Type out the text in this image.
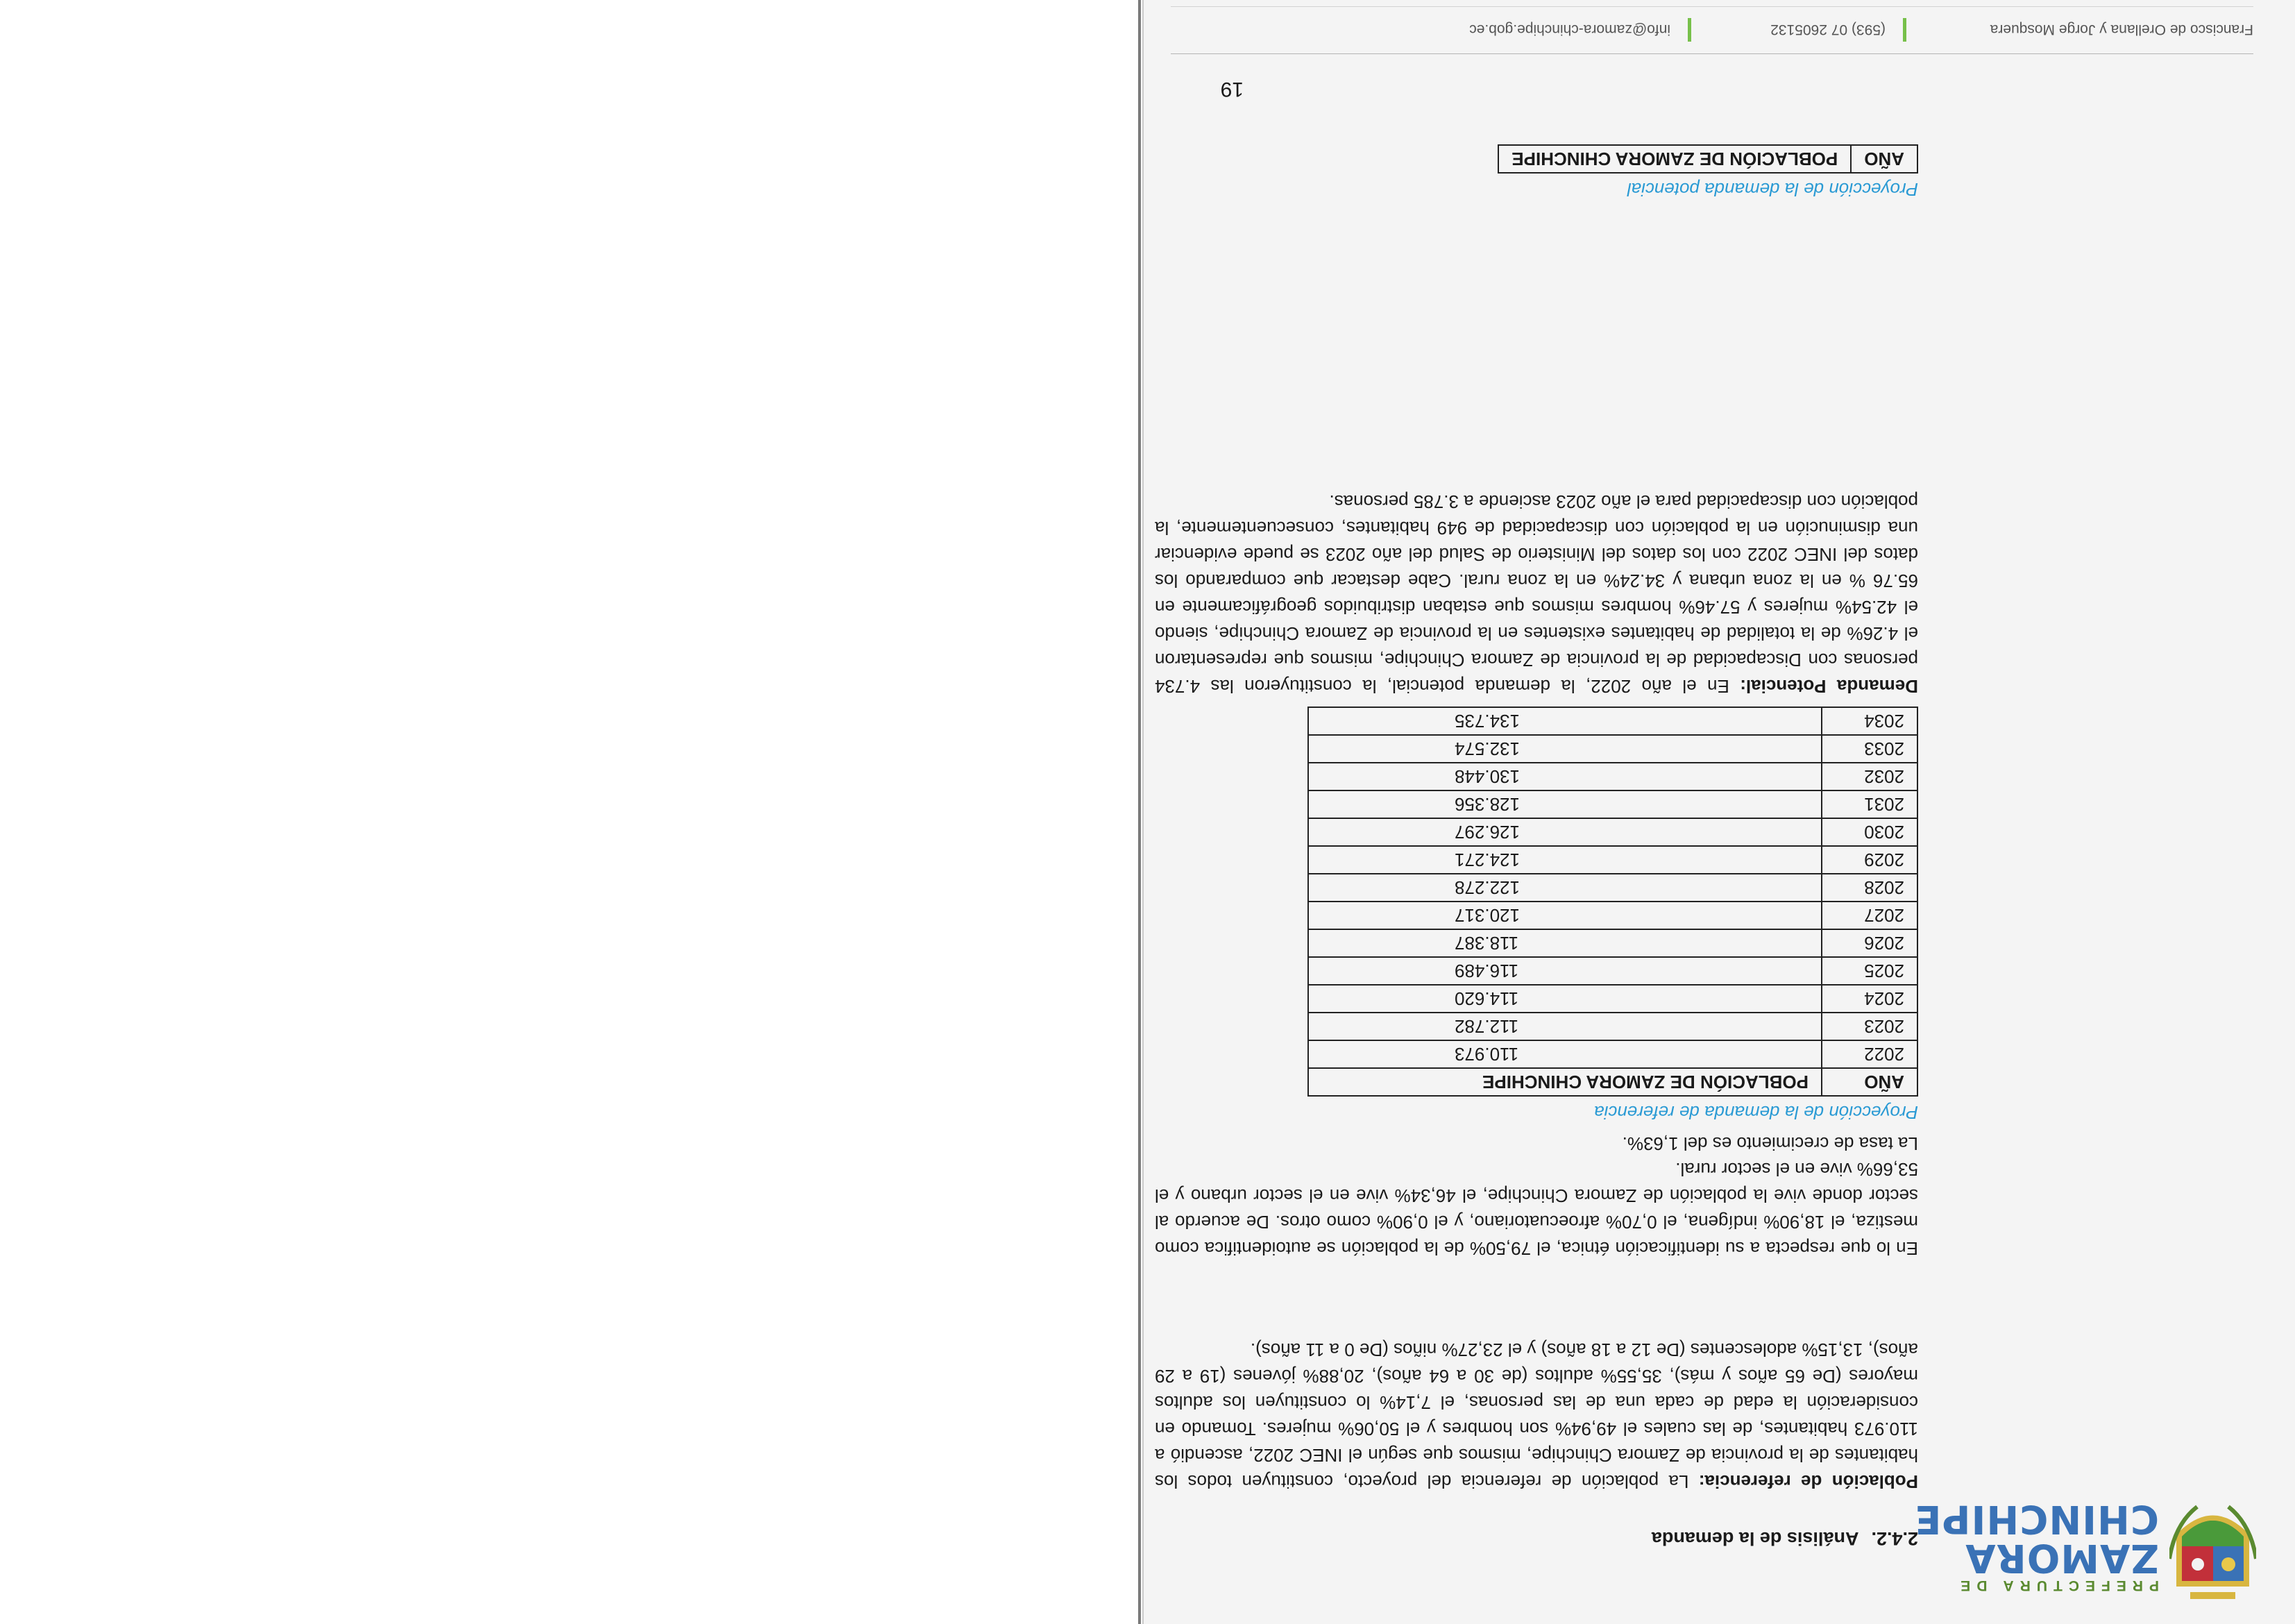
PREFECTURA DE
ZAMORA
CHINCHIPE
2.4.2.Análisis de la demanda
Población de referencia: La población de referencia del proyecto, constituyen todos los habitantes de la provincia de Zamora Chinchipe, mismos que según el INEC 2022, ascendió a 110.973 habitantes, de las cuales el 49,94% son hombres y el 50,06% mujeres. Tomando en consideración la edad de cada una de las personas, el 7,14% lo constituyen los adultos mayores (De 65 años y más), 35,55% adultos (de 30 a 64 años), 20,88% jóvenes (19 a 29 años), 13,15% adolescentes (De 12 a 18 años) y el 23,27% niños (De 0 a 11 años).
En lo que respecta a su identificación étnica, el 79,50% de la población se autoidentifica como mestiza, el 18,90% indígena, el 0,70% afroecuatoriano, y el 0,90% como otros. De acuerdo al sector donde vive la población de Zamora Chinchipe, el 46,34% vive en el sector urbano y el 53,66% vive en el sector rural.
La tasa de crecimiento es del 1,63%.
Proyección de la demanda de referencia
AÑO	POBLACIÓN DE ZAMORA CHINCHIPE
2022	110.973
2023	112.782
2024	114.620
2025	116.489
2026	118.387
2027	120.317
2028	122.278
2029	124.271
2030	126.297
2031	128.356
2032	130.448
2033	132.574
2034	134.735
Demanda Potencial: En el año 2022, la demanda potencial, la constituyeron las 4.734 personas con Discapacidad de la provincia de Zamora Chinchipe, mismos que representaron el 4.26% de la totalidad de habitantes existentes en la provincia de Zamora Chinchipe, siendo el 42.54% mujeres y 57.46% hombres mismos que estaban distribuidos geográficamente en 65.76 % en la zona urbana y 34.24% en la zona rural. Cabe destacar que comparando los datos del INEC 2022 con los datos del Ministerio de Salud del año 2023 se puede evidenciar una disminución en la población con discapacidad de 949 habitantes, consecuentemente, la población con discapacidad para el año 2023 asciende a 3.785 personas.
Proyección de la demanda potencial
AÑO	POBLACIÓN DE ZAMORA CHINCHIPE
19
Francisco de Orellana y Jorge Mosquera
(593) 07 2605132
info@zamora-chinchipe.gob.ec
